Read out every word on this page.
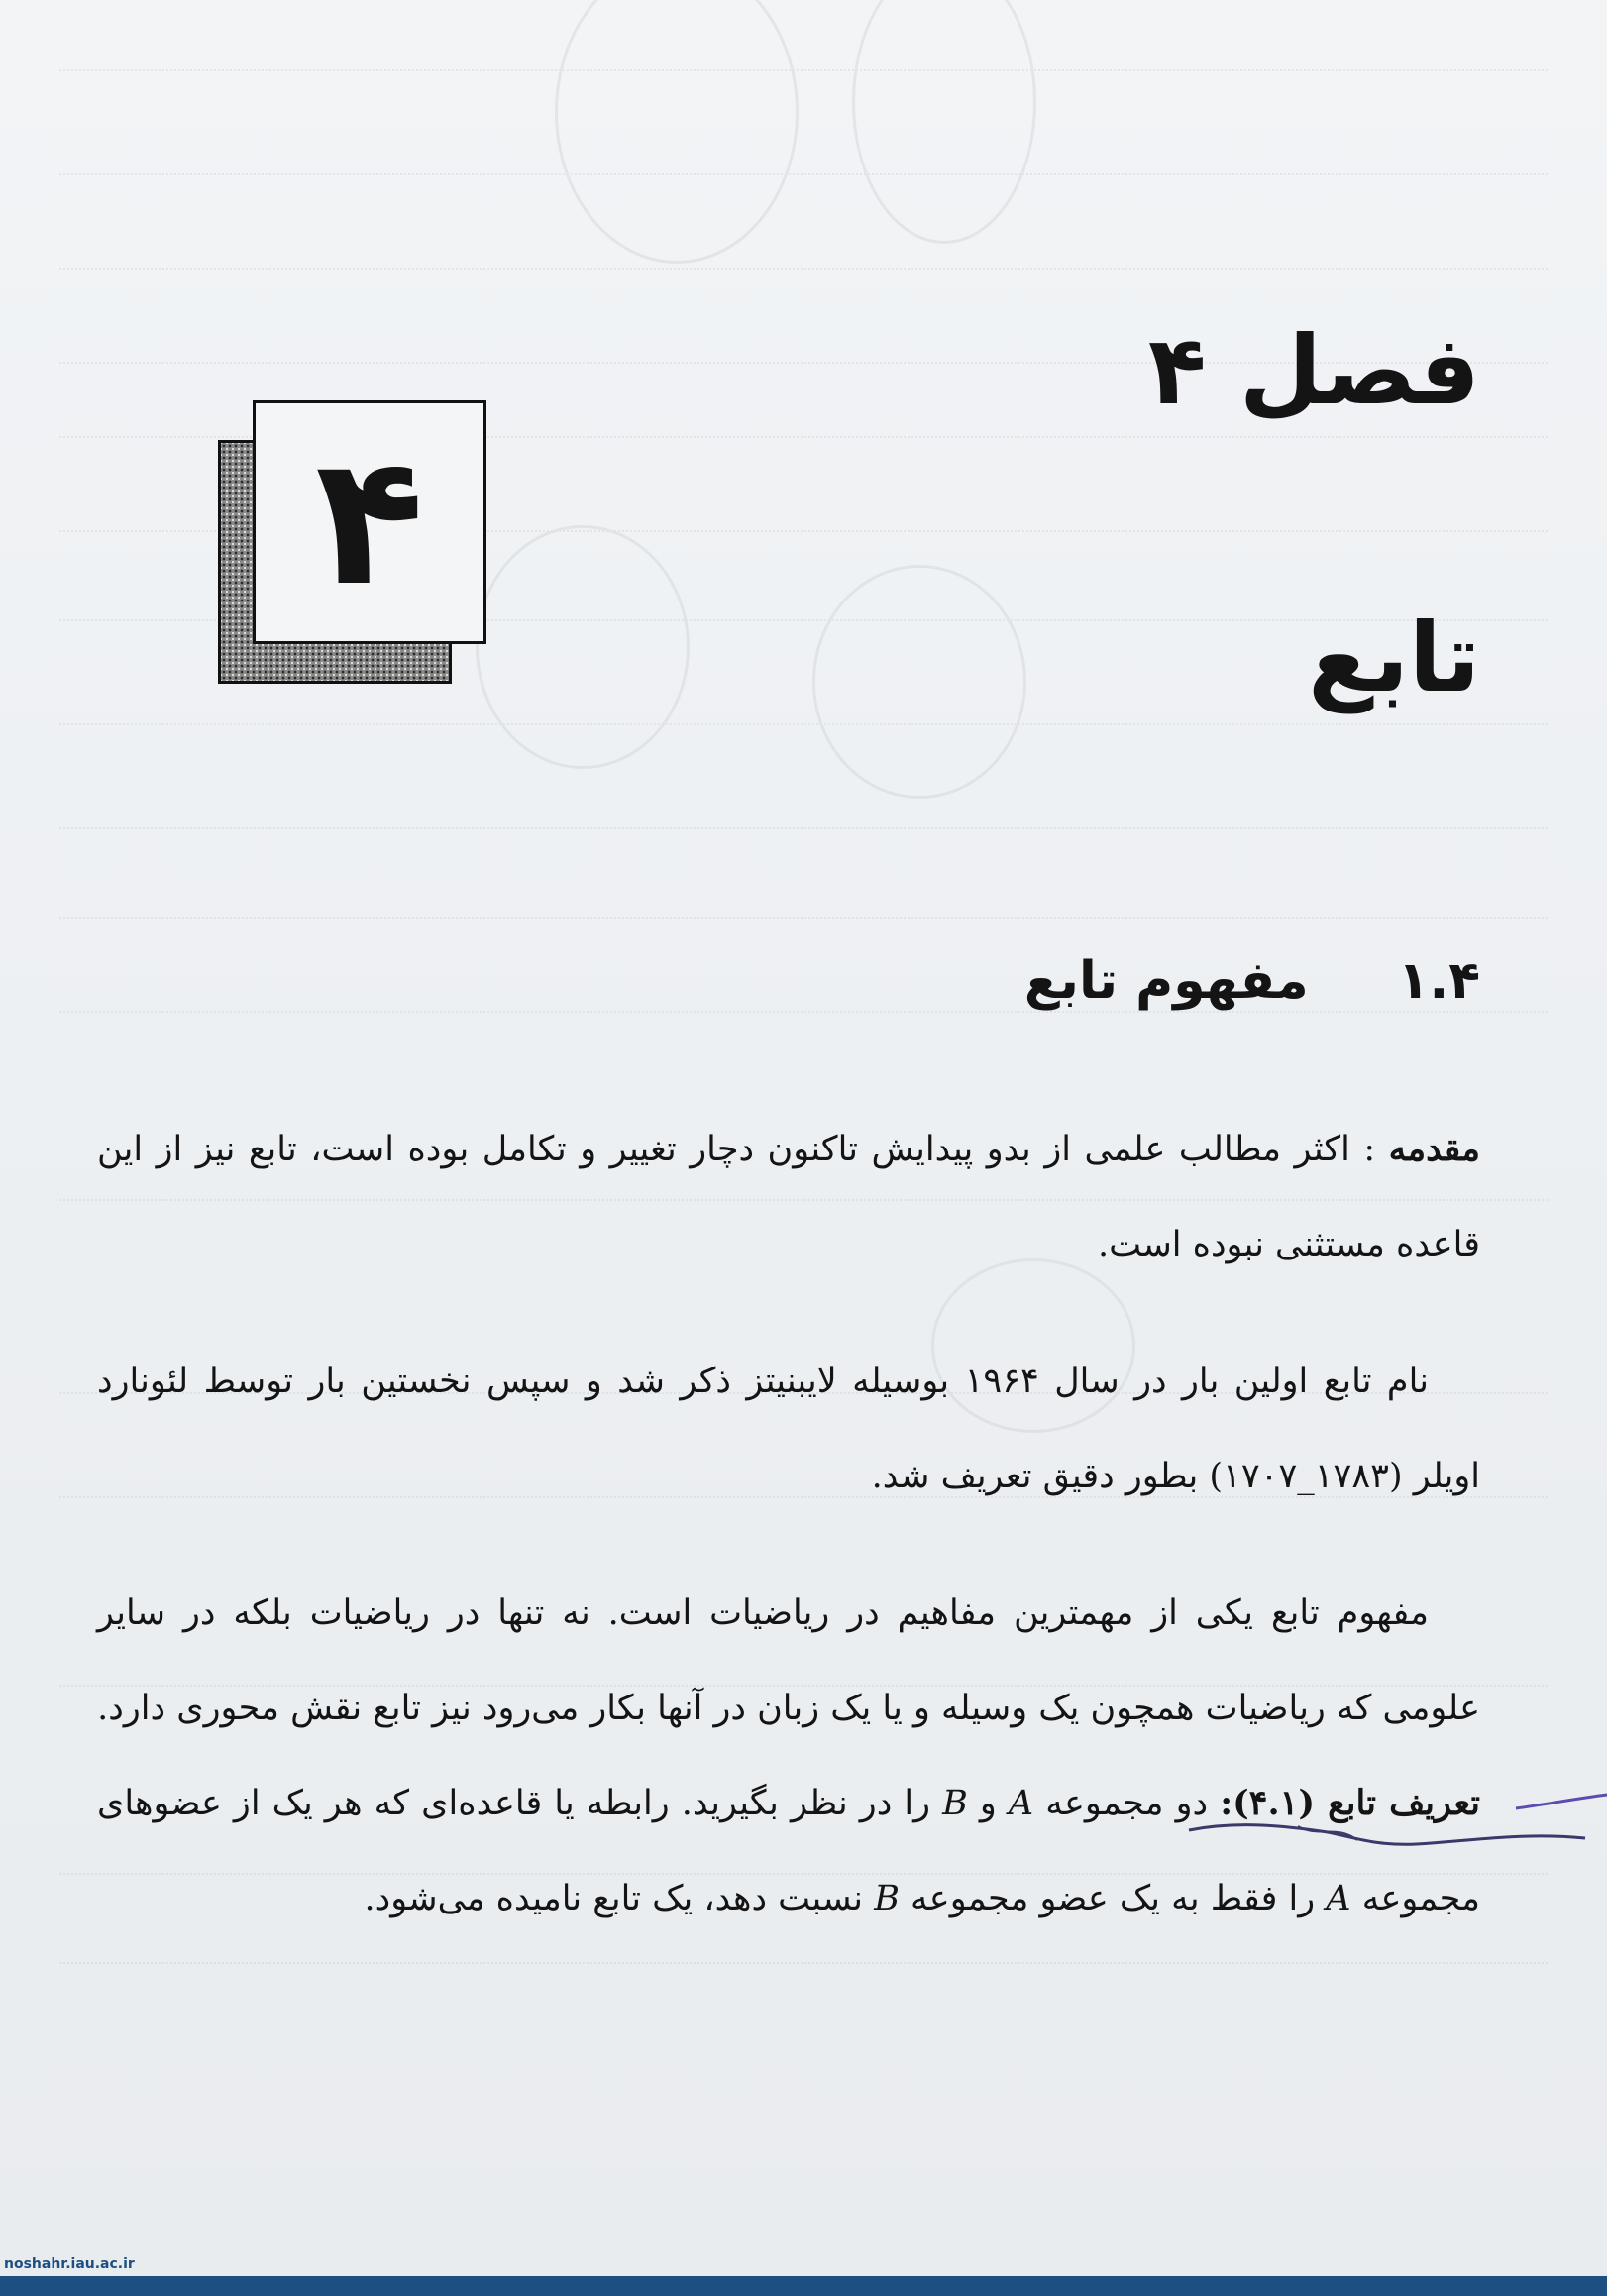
فصل ۴
۴
تابع
مفهوم تابع ۱.۴

مقدمه : اکثر مطالب علمی از بدو پیدایش تاکنون دچار تغییر و تکامل بوده است، تابع نیز از این قاعده مستثنی نبوده است.

نام تابع اولین بار در سال ۱۹۶۴ بوسیله لایبنیتز ذکر شد و سپس نخستین بار توسط لئونارد اویلر (۱۷۸۳_۱۷۰۷) بطور دقیق تعریف شد.

مفهوم تابع یکی از مهمترین مفاهیم در ریاضیات است. نه تنها در ریاضیات بلکه در سایر علومی که ریاضیات همچون یک وسیله و یا یک زبان در آنها بکار می‌رود نیز تابع نقش محوری دارد.

تعریف تابع (۴.۱): دو مجموعه A و B را در نظر بگیرید. رابطه یا قاعده‌ای که هر یک از عضوهای مجموعه A را فقط به یک عضو مجموعه B نسبت دهد، یک تابع نامیده می‌شود.

noshahr.iau.ac.ir
